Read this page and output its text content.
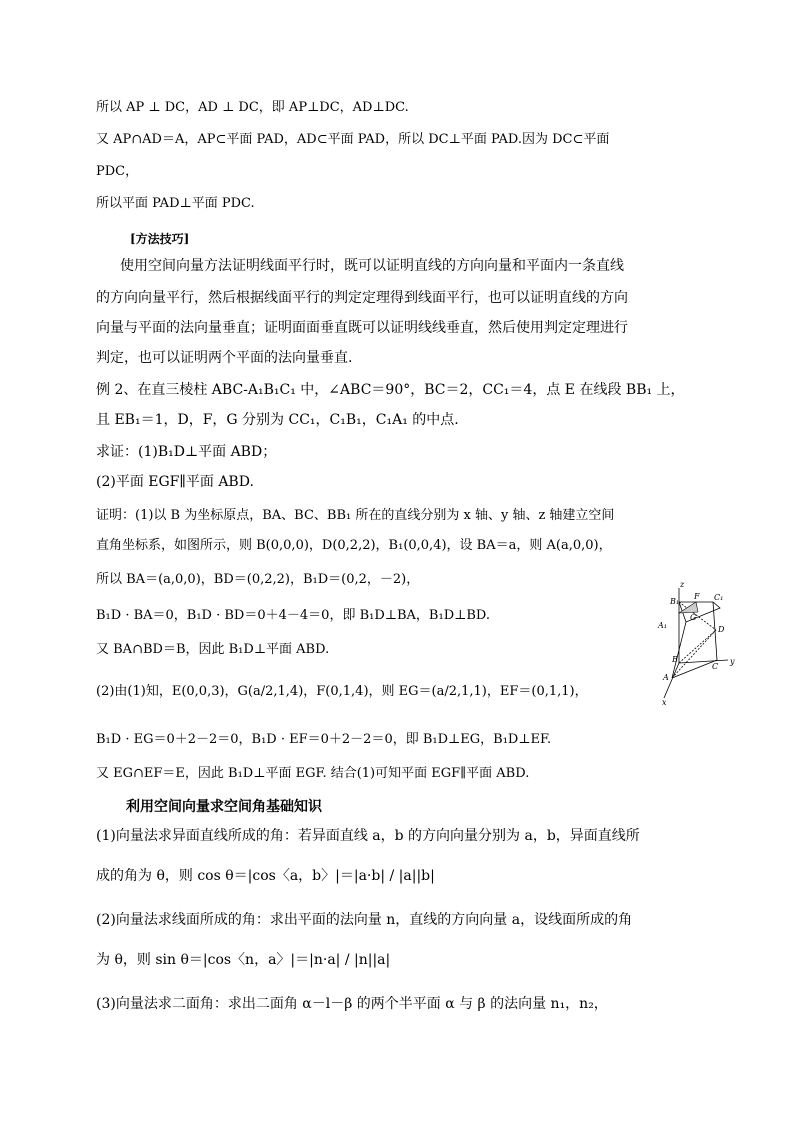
所以 AP ⊥ DC，AD ⊥ DC，即 AP⊥DC，AD⊥DC.
又 AP∩AD＝A，AP⊂平面 PAD，AD⊂平面 PAD，所以 DC⊥平面 PAD.因为 DC⊂平面
PDC，
所以平面 PAD⊥平面 PDC.
[方法技巧]
使用空间向量方法证明线面平行时，既可以证明直线的方向向量和平面内一条直线
的方向向量平行，然后根据线面平行的判定定理得到线面平行，也可以证明直线的方向
向量与平面的法向量垂直；证明面面垂直既可以证明线线垂直，然后使用判定定理进行
判定，也可以证明两个平面的法向量垂直.
例 2、在直三棱柱 ABC-A₁B₁C₁ 中，∠ABC＝90°，BC＝2，CC₁＝4，点 E 在线段 BB₁ 上，
且 EB₁＝1，D，F，G 分别为 CC₁，C₁B₁，C₁A₁ 的中点.
求证：(1)B₁D⊥平面 ABD；
(2)平面 EGF∥平面 ABD.
证明：(1)以 B 为坐标原点，BA、BC、BB₁ 所在的直线分别为 x 轴、y 轴、z 轴建立空间
直角坐标系，如图所示，则 B(0,0,0)，D(0,2,2)，B₁(0,0,4)，设 BA＝a，则 A(a,0,0)，
所以 BA＝(a,0,0)，BD＝(0,2,2)，B₁D＝(0,2，－2)，
B₁D · BA＝0，B₁D · BD＝0＋4－4＝0，即 B₁D⊥BA，B₁D⊥BD.
又 BA∩BD＝B，因此 B₁D⊥平面 ABD.
(2)由(1)知，E(0,0,3)，G(a/2,1,4)，F(0,1,4)，则 EG＝(a/2,1,1)，EF＝(0,1,1)，
B₁D · EG＝0＋2－2＝0，B₁D · EF＝0＋2－2＝0，即 B₁D⊥EG，B₁D⊥EF.
又 EG∩EF＝E，因此 B₁D⊥平面 EGF. 结合(1)可知平面 EGF∥平面 ABD.
利用空间向量求空间角基础知识
(1)向量法求异面直线所成的角：若异面直线 a，b 的方向向量分别为 a，b，异面直线所
成的角为 θ，则 cos θ＝|cos〈a，b〉|＝|a·b| / |a||b|
(2)向量法求线面所成的角：求出平面的法向量 n，直线的方向向量 a，设线面所成的角
为 θ，则 sin θ＝|cos〈n，a〉|＝|n·a| / |n||a|
(3)向量法求二面角：求出二面角 α－l－β 的两个半平面 α 与 β 的法向量 n₁，n₂，
z
B₁
F C₁
G
A₁	D
B
C
y
A
x
